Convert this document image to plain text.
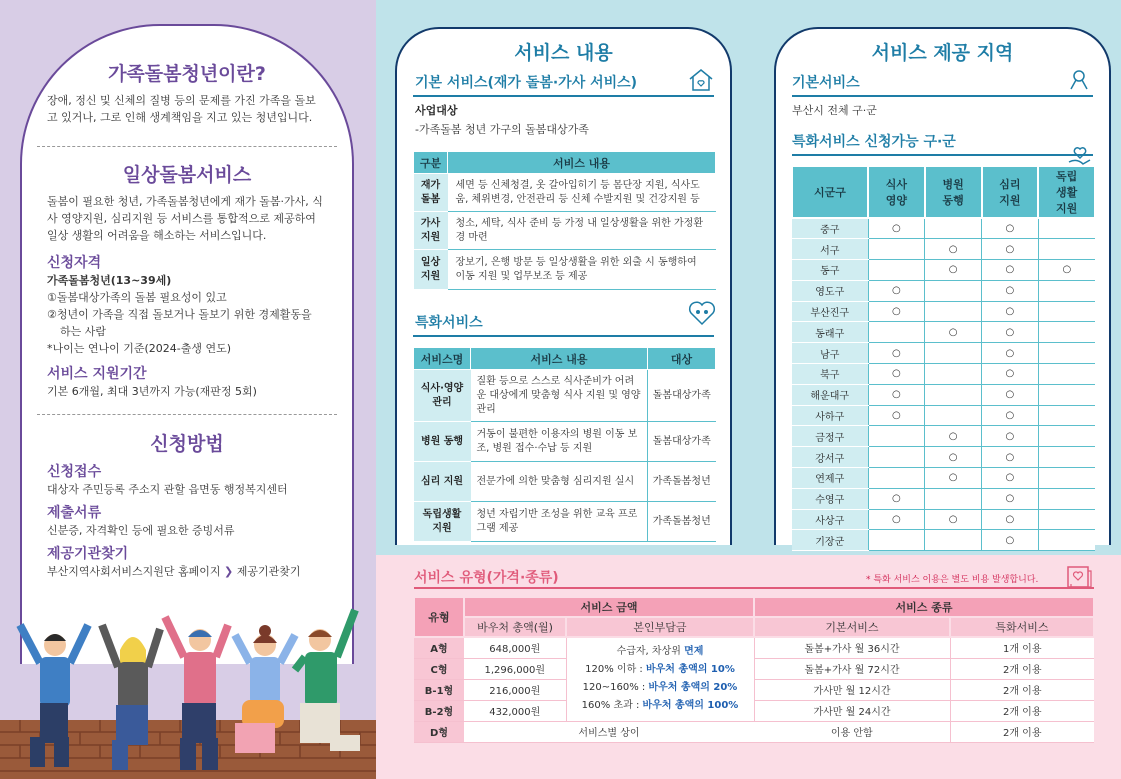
가족돌봄청년이란?
장애, 정신 및 신체의 질병 등의 문제를 가진 가족을 돌보고 있거나, 그로 인해 생계책임을 지고 있는 청년입니다.
일상돌봄서비스
돌봄이 필요한 청년, 가족돌봄청년에게 재가 돌봄·가사, 식사 영양지원, 심리지원 등 서비스를 통합적으로 제공하여 일상 생활의 어려움을 해소하는 서비스입니다.
신청자격
가족돌봄청년(13~39세)
①돌봄대상가족의 돌봄 필요성이 있고
②청년이 가족을 직접 돌보거나 돌보기 위한 경제활동을
하는 사람
*나이는 연나이 기준(2024-출생 연도)
서비스 지원기간
기본 6개월, 최대 3년까지 가능(재판정 5회)
신청방법
신청접수
대상자 주민등록 주소지 관할 읍면동 행정복지센터
제출서류
신분증, 자격확인 등에 필요한 증빙서류
제공기관찾기
부산지역사회서비스지원단 홈페이지 ❯ 제공기관찾기
서비스 내용
기본 서비스(재가 돌봄·가사 서비스)
사업대상
-가족돌봄 청년 가구의 돌봄대상가족
구분	서비스 내용
재가
돌봄	세면 등 신체청결, 옷 갈아입히기 등 몸단장 지원, 식사도움, 체위변경, 안전관리 등 신체 수발지원 및 건강지원 등
가사
지원	청소, 세탁, 식사 준비 등 가정 내 일상생활을 위한 가정환경 마련
일상
지원	장보기, 은행 방문 등 일상생활을 위한 외출 시 동행하여 이동 지원 및 업무보조 등 제공
특화서비스
서비스명	서비스 내용	대상
식사·영양
관리	질환 등으로 스스로 식사준비가 어려운 대상에게 맞춤형 식사 지원 및 영양관리	돌봄대상가족
병원 동행	거동이 불편한 이용자의 병원 이동 보조, 병원 접수·수납 등 지원	돌봄대상가족
심리 지원	전문가에 의한 맞춤형 심리지원 실시	가족돌봄청년
독립생활
지원	청년 자립기반 조성을 위한 교육 프로그램 제공	가족돌봄청년
서비스 제공 지역
기본서비스
부산시 전체 구·군
특화서비스 신청가능 구·군
시군구	식사
영양	병원
동행	심리
지원	독립
생활
지원
중구	○		○	
서구		○	○	
동구		○	○	○
영도구	○		○	
부산진구	○		○	
동래구		○	○	
남구	○		○	
북구	○		○	
해운대구	○		○	
사하구	○		○	
금정구		○	○	
강서구		○	○	
연제구		○	○	
수영구	○		○	
사상구	○	○	○	
기장군			○	
서비스 유형(가격·종류)	* 특화 서비스 이용은 별도 비용 발생합니다.
유형	서비스 금액		서비스 종류	
	바우처 총액(월)	본인부담금	기본서비스	특화서비스
A형	648,000원	수급자, 차상위 면제
120% 이하 : 바우처 총액의 10%
120~160% : 바우처 총액의 20%
160% 초과 : 바우처 총액의 100%	돌봄+가사 월 36시간	1개 이용
C형	1,296,000원		돌봄+가사 월 72시간	2개 이용
B-1형	216,000원		가사만 월 12시간	2개 이용
B-2형	432,000원		가사만 월 24시간	2개 이용
D형	서비스별 상이		이용 안함	2개 이용
